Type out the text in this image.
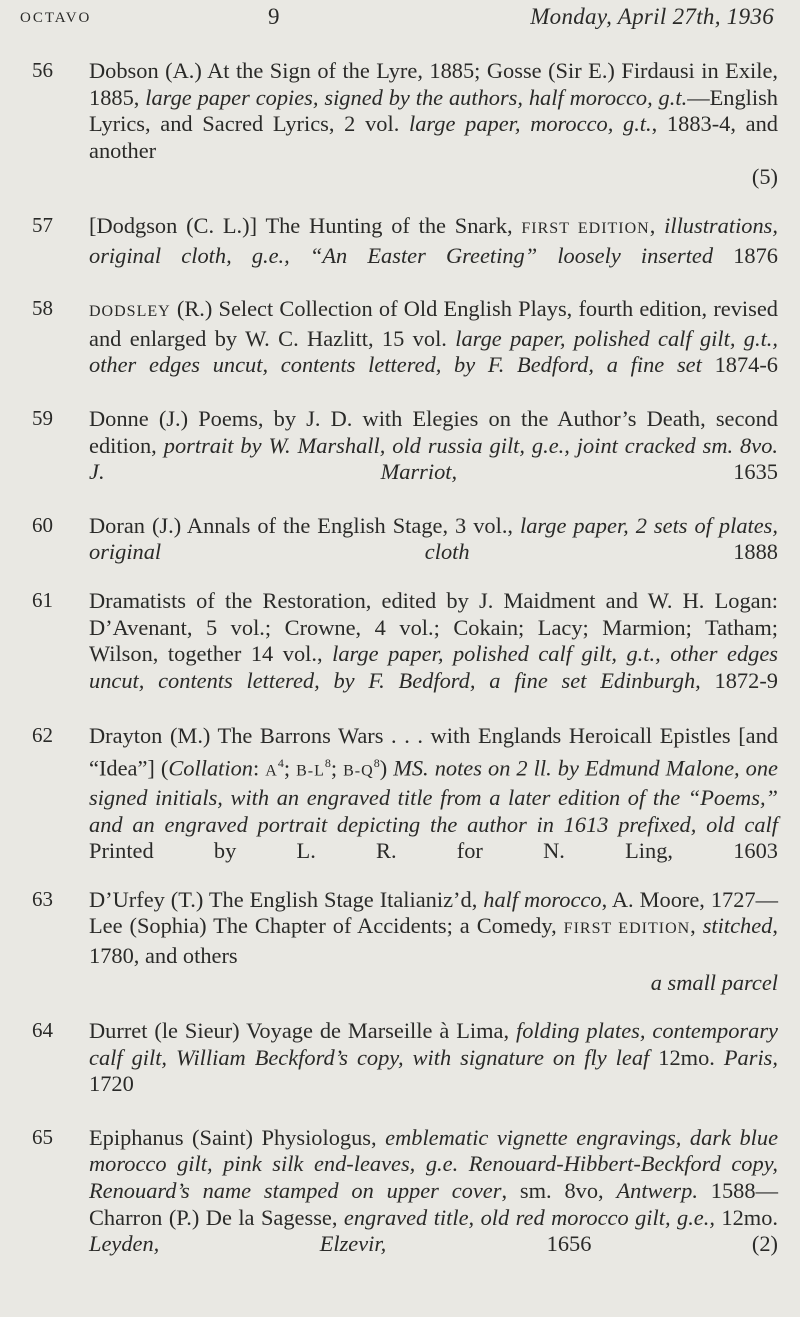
OCTAVO	9	Monday, April 27th, 1936
56 Dobson (A.) At the Sign of the Lyre, 1885; Gosse (Sir E.) Firdausi in Exile, 1885, large paper copies, signed by the authors, half morocco, g.t.—English Lyrics, and Sacred Lyrics, 2 vol. large paper, morocco, g.t., 1883-4, and another
(5)
57 [Dodgson (C. L.)] The Hunting of the Snark, FIRST EDITION, illustrations, original cloth, g.e., “An Easter Greeting” loosely inserted 1876
58 DODSLEY (R.) Select Collection of Old English Plays, fourth edition, revised and enlarged by W. C. Hazlitt, 15 vol. large paper, polished calf gilt, g.t., other edges uncut, contents lettered, by F. Bedford, a fine set 1874-6
59 Donne (J.) Poems, by J. D. with Elegies on the Author’s Death, second edition, portrait by W. Marshall, old russia gilt, g.e., joint cracked sm. 8vo. J. Marriot, 1635
60 Doran (J.) Annals of the English Stage, 3 vol., large paper, 2 sets of plates, original cloth 1888
61 Dramatists of the Restoration, edited by J. Maidment and W. H. Logan: D’Avenant, 5 vol.; Crowne, 4 vol.; Cokain; Lacy; Marmion; Tatham; Wilson, together 14 vol., large paper, polished calf gilt, g.t., other edges uncut, contents lettered, by F. Bedford, a fine set Edinburgh, 1872-9
62 Drayton (M.) The Barrons Wars . . . with Englands Heroicall Epistles [and “Idea”] (Collation: $A^4$; $B-L^8$; $B-Q^8$) MS. notes on 2 ll. by Edmund Malone, one signed initials, with an engraved title from a later edition of the “Poems,” and an engraved portrait depicting the author in 1613 prefixed, old calf Printed by L. R. for N. Ling, 1603
63 D’Urfey (T.) The English Stage Italianiz’d, half morocco, A. Moore, 1727—Lee (Sophia) The Chapter of Accidents; a Comedy, FIRST EDITION, stitched, 1780, and others
a small parcel
64 Durret (le Sieur) Voyage de Marseille à Lima, folding plates, contemporary calf gilt, William Beckford’s copy, with signature on fly leaf 12mo. Paris, 1720
65 Epiphanus (Saint) Physiologus, emblematic vignette engravings, dark blue morocco gilt, pink silk end-leaves, g.e. Renouard-Hibbert-Beckford copy, Renouard’s name stamped on upper cover, sm. 8vo, Antwerp. 1588—Charron (P.) De la Sagesse, engraved title, old red morocco gilt, g.e., 12mo. Leyden, Elzevir, 1656 (2)
